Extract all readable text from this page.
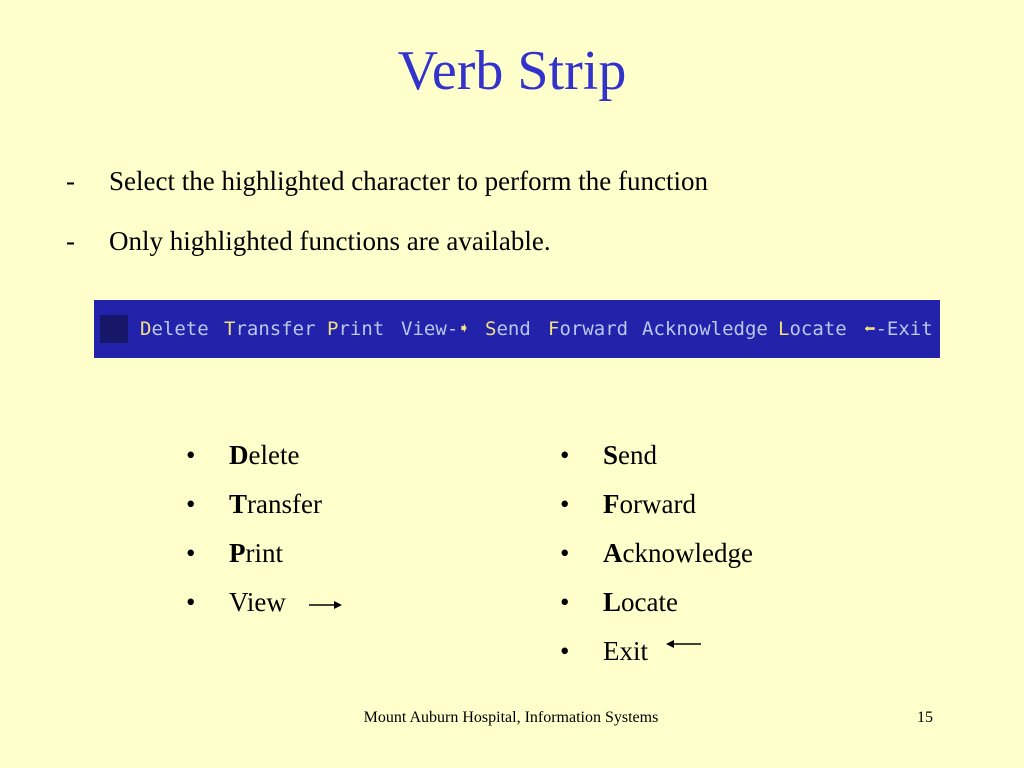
Verb Strip
- Select the highlighted character to perform the function
- Only highlighted functions are available.
Delete Transfer Print View-➧ Send Forward Acknowledge Locate ⬅-Exit
• Delete
• Transfer
• Print
• View
• Send
• Forward
• Acknowledge
• Locate
• Exit
Mount Auburn Hospital, Information Systems	15
